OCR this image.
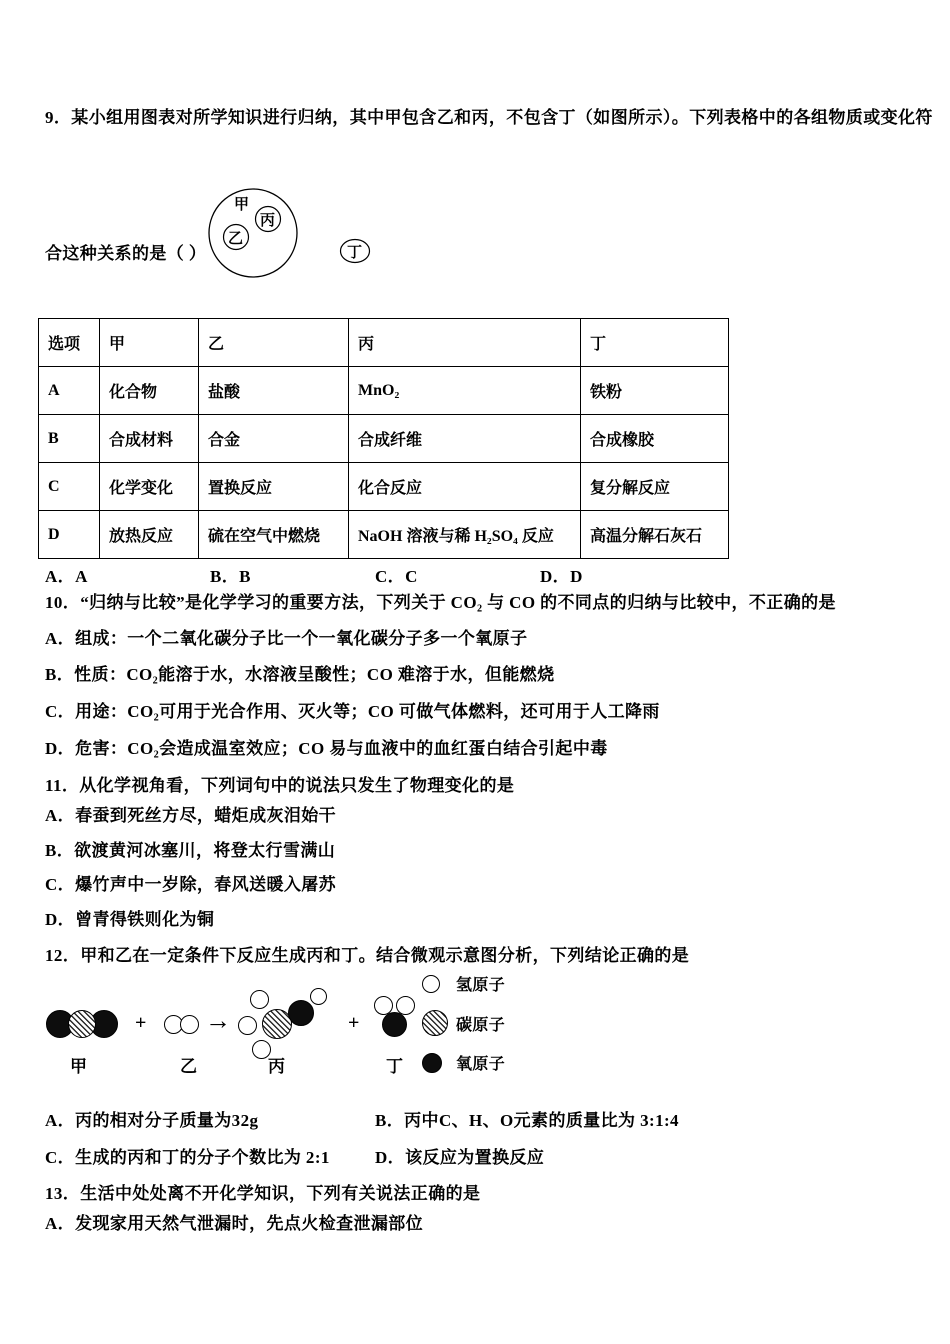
9．某小组用图表对所学知识进行归纳，其中甲包含乙和丙，不包含丁（如图所示）。下列表格中的各组物质或变化符
甲
乙
丙
丁
合这种关系的是（ ）
选项	甲	乙	丙	丁
A	化合物	盐酸	MnO₂	铁粉
B	合成材料	合金	合成纤维	合成橡胶
C	化学变化	置换反应	化合反应	复分解反应
D	放热反应	硫在空气中燃烧	NaOH 溶液与稀 H₂SO₄ 反应	高温分解石灰石
A．A	B．B	C．C	D．D
10．“归纳与比较”是化学学习的重要方法，下列关于 CO₂ 与 CO 的不同点的归纳与比较中，不正确的是
A．组成：一个二氧化碳分子比一个一氧化碳分子多一个氧原子
B．性质：CO₂能溶于水，水溶液呈酸性；CO 难溶于水，但能燃烧
C．用途：CO₂可用于光合作用、灭火等；CO 可做气体燃料，还可用于人工降雨
D．危害：CO₂会造成温室效应；CO 易与血液中的血红蛋白结合引起中毒
11．从化学视角看，下列词句中的说法只发生了物理变化的是
A．春蚕到死丝方尽，蜡炬成灰泪始干
B．欲渡黄河冰塞川，将登太行雪满山
C．爆竹声中一岁除，春风送暖入屠苏
D．曾青得铁则化为铜
12．甲和乙在一定条件下反应生成丙和丁。结合微观示意图分析，下列结论正确的是
+ →	+
甲	乙	丙	丁
氢原子
碳原子
氧原子
A．丙的相对分子质量为32g	B．丙中C、H、O元素的质量比为 3:1:4
C．生成的丙和丁的分子个数比为 2:1	D．该反应为置换反应
13．生活中处处离不开化学知识，下列有关说法正确的是
A．发现家用天然气泄漏时，先点火检查泄漏部位
